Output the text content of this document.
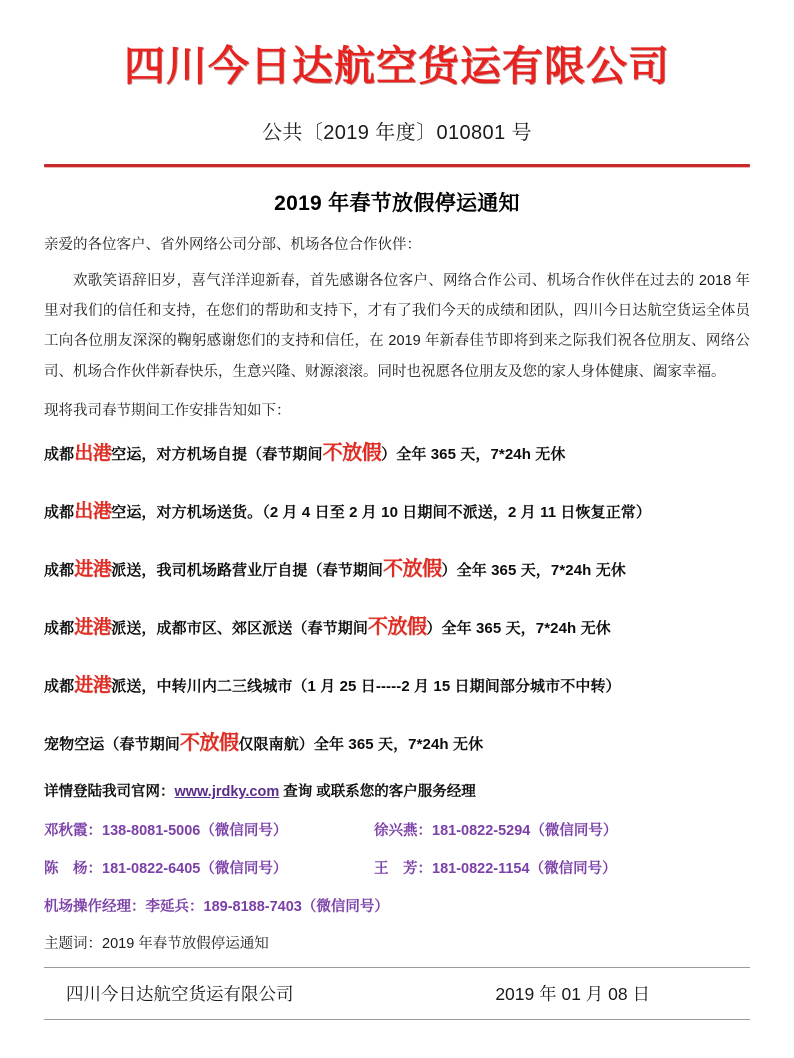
四川今日达航空货运有限公司
公共〔2019 年度〕010801 号
2019 年春节放假停运通知
亲爱的各位客户、省外网络公司分部、机场各位合作伙伴：
欢歌笑语辞旧岁，喜气洋洋迎新春，首先感谢各位客户、网络合作公司、机场合作伙伴在过去的 2018 年里对我们的信任和支持，在您们的帮助和支持下，才有了我们今天的成绩和团队，四川今日达航空货运全体员工向各位朋友深深的鞠躬感谢您们的支持和信任，在 2019 年新春佳节即将到来之际我们祝各位朋友、网络公司、机场合作伙伴新春快乐，生意兴隆、财源滚滚。同时也祝愿各位朋友及您的家人身体健康、阖家幸福。
现将我司春节期间工作安排告知如下：
成都出港空运，对方机场自提（春节期间不放假）全年 365 天，7*24h 无休
成都出港空运，对方机场送货。（2 月 4 日至 2 月 10 日期间不派送，2 月 11 日恢复正常）
成都进港派送，我司机场路营业厅自提（春节期间不放假）全年 365 天，7*24h 无休
成都进港派送，成都市区、郊区派送（春节期间不放假）全年 365 天，7*24h 无休
成都进港派送，中转川内二三线城市（1 月 25 日-----2 月 15 日期间部分城市不中转）
宠物空运（春节期间不放假仅限南航）全年 365 天，7*24h 无休
详情登陆我司官网：www.jrdky.com 查询 或联系您的客户服务经理
邓秋霞：138-8081-5006（微信同号）	徐兴燕：181-0822-5294（微信同号）
陈　杨：181-0822-6405（微信同号）	王　芳：181-0822-1154（微信同号）
机场操作经理：李延兵：189-8188-7403（微信同号）
主题词：2019 年春节放假停运通知
四川今日达航空货运有限公司	2019 年 01 月 08 日
